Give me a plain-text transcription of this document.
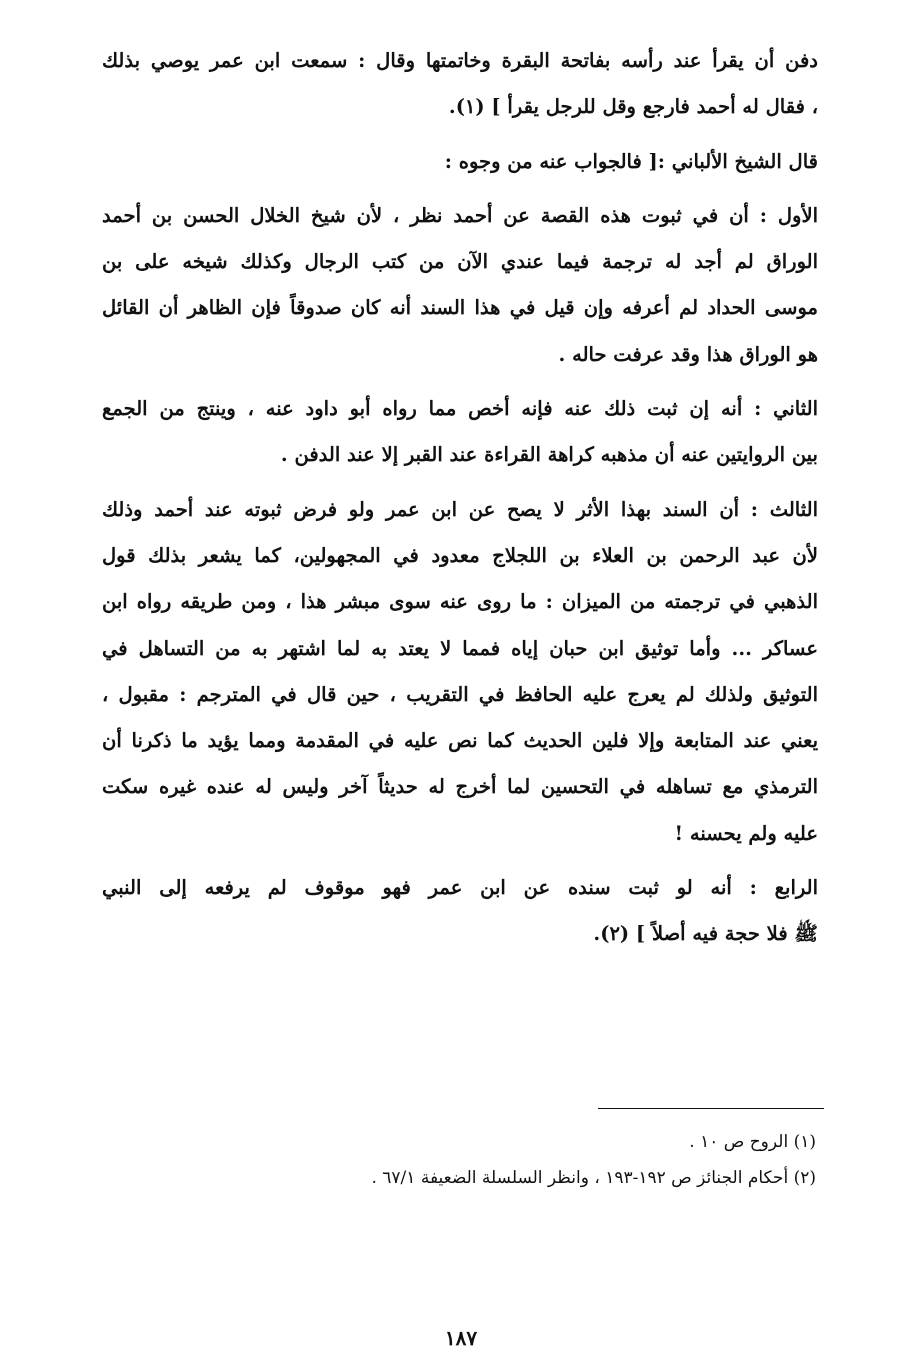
دفن أن يقرأ عند رأسه بفاتحة البقرة وخاتمتها وقال : سمعت ابن عمر يوصي بذلك
، فقال له أحمد فارجع وقل للرجل يقرأ ] (١).
قال الشيخ الألباني :[ فالجواب عنه من وجوه :
الأول : أن في ثبوت هذه القصة عن أحمد نظر ، لأن شيخ الخلال الحسن بن أحمد
الوراق لم أجد له ترجمة فيما عندي الآن من كتب الرجال وكذلك شيخه على بن
موسى الحداد لم أعرفه وإن قيل في هذا السند أنه كان صدوقاً فإن الظاهر أن القائل
هو الوراق هذا وقد عرفت حاله .
الثاني : أنه إن ثبت ذلك عنه فإنه أخص مما رواه أبو داود عنه ، وينتج من الجمع
بين الروايتين عنه أن مذهبه كراهة القراءة عند القبر إلا عند الدفن .
الثالث : أن السند بهذا الأثر لا يصح عن ابن عمر ولو فرض ثبوته عند أحمد وذلك
لأن عبد الرحمن بن العلاء بن اللجلاج معدود في المجهولين، كما يشعر بذلك قول
الذهبي في ترجمته من الميزان : ما روى عنه سوى مبشر هذا ، ومن طريقه رواه ابن
عساكر ... وأما توثيق ابن حبان إياه فمما لا يعتد به لما اشتهر به من التساهل في
التوثيق ولذلك لم يعرج عليه الحافظ في التقريب ، حين قال في المترجم : مقبول ،
يعني عند المتابعة وإلا فلين الحديث كما نص عليه في المقدمة ومما يؤيد ما ذكرنا أن
الترمذي مع تساهله في التحسين لما أخرج له حديثاً آخر وليس له عنده غيره سكت
عليه ولم يحسنه !
الرابع : أنه لو ثبت سنده عن ابن عمر فهو موقوف لم يرفعه إلى النبي
ﷺ فلا حجة فيه أصلاً ] (٢).
(١) الروح ص ١٠ .
(٢) أحكام الجنائز ص ١٩٢-١٩٣ ، وانظر السلسلة الضعيفة ٦٧/١ .
١٨٧
